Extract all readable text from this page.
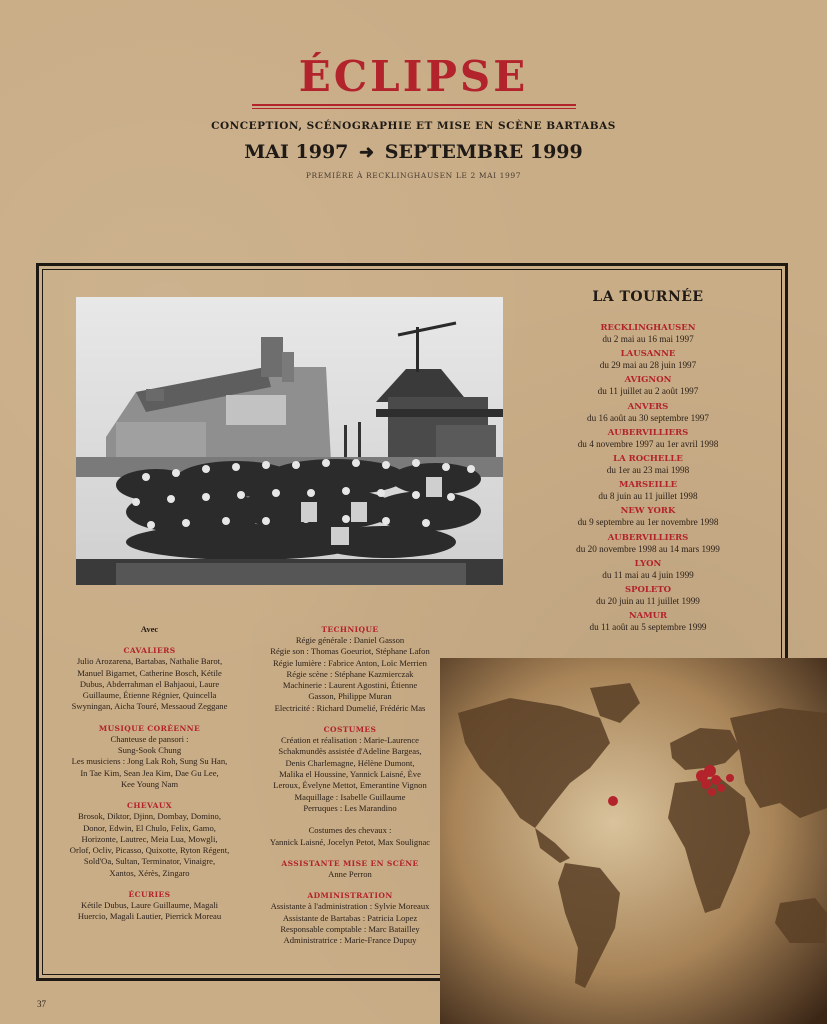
ÉCLIPSE
CONCEPTION, SCÉNOGRAPHIE ET MISE EN SCÈNE BARTABAS
MAI 1997 ➜ SEPTEMBRE 1999
PREMIÈRE À RECKLINGHAUSEN LE 2 MAI 1997
LA TOURNÉE
RECKLINGHAUSEN
du 2 mai au 16 mai 1997
LAUSANNE
du 29 mai au 28 juin 1997
AVIGNON
du 11 juillet au 2 août 1997
ANVERS
du 16 août au 30 septembre 1997
AUBERVILLIERS
du 4 novembre 1997 au 1er avril 1998
LA ROCHELLE
du 1er au 23 mai 1998
MARSEILLE
du 8 juin au 11 juillet 1998
NEW YORK
du 9 septembre au 1er novembre 1998
AUBERVILLIERS
du 20 novembre 1998 au 14 mars 1999
LYON
du 11 mai au 4 juin 1999
SPOLETO
du 20 juin au 11 juillet 1999
NAMUR
du 11 août au 5 septembre 1999
Avec
CAVALIERS
Julio Arozarena, Bartabas, Nathalie Barot,
Manuel Bigarnet, Catherine Bosch, Kétile
Dubus, Abderrahman el Bahjaoui, Laure
Guillaume, Étienne Régnier, Quincella
Swyningan, Aicha Touré, Messaoud Zeggane
MUSIQUE CORÉENNE
Chanteuse de pansori :
Sung-Sook Chung
Les musiciens : Jong Lak Roh, Sung Su Han,
In Tae Kim, Sean Jea Kim, Dae Gu Lee,
Kee Young Nam
CHEVAUX
Brosok, Diktor, Djinn, Dombay, Domino,
Donor, Edwin, El Chulo, Felix, Gamo,
Horizonte, Lautrec, Meia Lua, Mowgli,
Orlof, Ocliv, Picasso, Quixotte, Ryton Régent,
Sold'Oa, Sultan, Terminator, Vinaigre,
Xantos, Xérès, Zingaro
ÉCURIES
Kétile Dubus, Laure Guillaume, Magali
Huercio, Magali Lautier, Pierrick Moreau
TECHNIQUE
Régie générale : Daniel Gasson
Régie son : Thomas Goeuriot, Stéphane Lafon
Régie lumière : Fabrice Anton, Loïc Merrien
Régie scène : Stéphane Kazmierczak
Machinerie : Laurent Agostini, Étienne
Gasson, Philippe Muran
Electricité : Richard Dumelié, Frédéric Mas
COSTUMES
Création et réalisation : Marie-Laurence
Schakmundès assistée d'Adeline Bargeas,
Denis Charlemagne, Hélène Dumont,
Malika el Houssine, Yannick Laisné, Ève
Leroux, Évelyne Mettot, Emerantine Vignon
Maquillage : Isabelle Guillaume
Perruques : Les Marandino

Costumes des chevaux :
Yannick Laisné, Jocelyn Petot, Max Soulignac
ASSISTANTE MISE EN SCÈNE
Anne Perron
ADMINISTRATION
Assistante à l'administration : Sylvie Moreaux
Assistante de Bartabas : Patricia Lopez
Responsable comptable : Marc Batailley
Administratrice : Marie-France Dupuy
37
